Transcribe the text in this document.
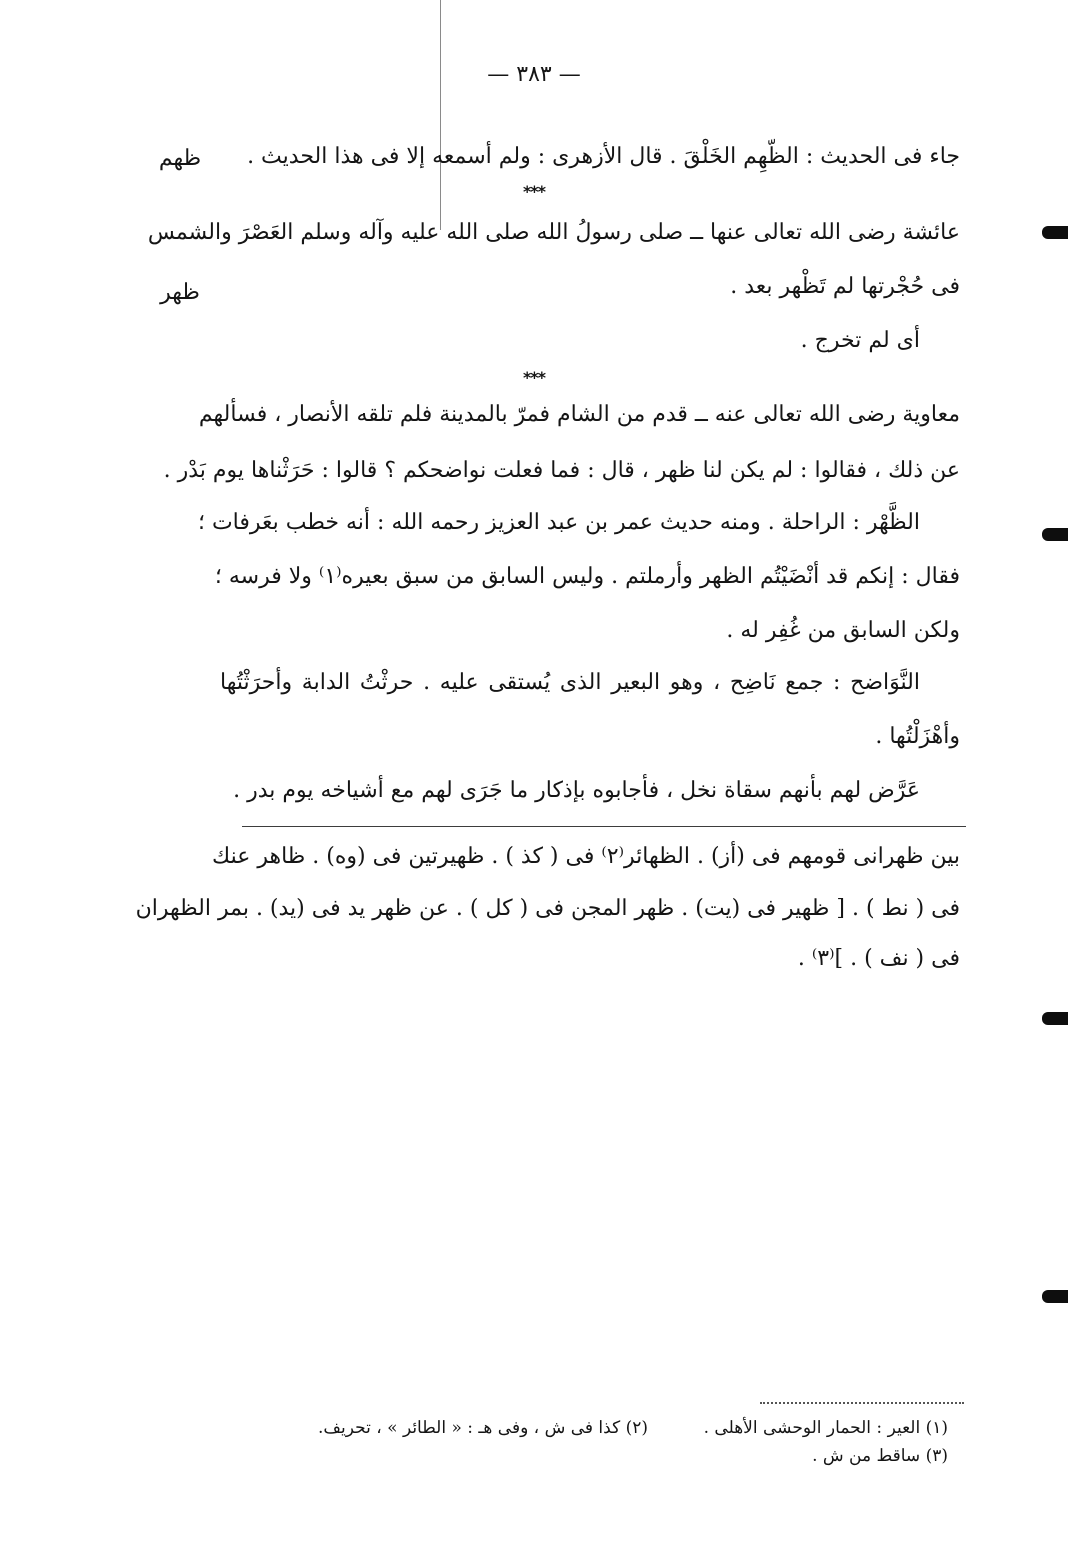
— ٣٨٣ —
جاء فى الحديث : الظّهِم الخَلْقَ . قال الأزهرى : ولم أسمعه إلا فى هذا الحديث .
ظهم
***
عائشة رضى الله تعالى عنها ــ صلى رسولُ الله صلى الله عليه وآله وسلم العَصْرَ والشمس
فى حُجْرتها لم تَظْهر بعد .
ظهر
أى لم تخرج .
***
معاوية رضى الله تعالى عنه ــ قدم من الشام فمرّ بالمدينة فلم تلقه الأنصار ، فسألهم
عن ذلك ، فقالوا : لم يكن لنا ظهر ، قال : فما فعلت نواضحكم ؟ قالوا : حَرَثْناها يوم بَدْر .
الظَّهْر : الراحلة . ومنه حديث عمر بن عبد العزيز رحمه الله : أنه خطب بعَرفات ؛
فقال : إنكم قد أنْضَيْتُم الظهر وأرملتم . وليس السابق من سبق بعيره⁽١⁾ ولا فرسه ؛
ولكن السابق من غُفِر له .
النَّوَاضح : جمع نَاضِح ، وهو البعير الذى يُستقى عليه . حرثْتُ الدابة وأحرَثْتُها
وأهْزَلْتُها .
عَرَّض لهم بأنهم سقاة نخل ، فأجابوه بإذكار ما جَرَى لهم مع أشياخه يوم بدر .
بين ظهرانى قومهم فى (أز) . الظهائر⁽٢⁾ فى ( كذ ) . ظهيرتين فى (وه) . ظاهر عنك
فى ( نط ) . [ ظهير فى (يت) . ظهر المجن فى ( كل ) . عن ظهر يد فى (يد) . بمر الظهران
فى ( نف ) . ]⁽٣⁾ .
(١) العير : الحمار الوحشى الأهلى .
(٢) كذا فى ش ، وفى هـ : « الطائر » ، تحريف.
(٣) ساقط من ش .
